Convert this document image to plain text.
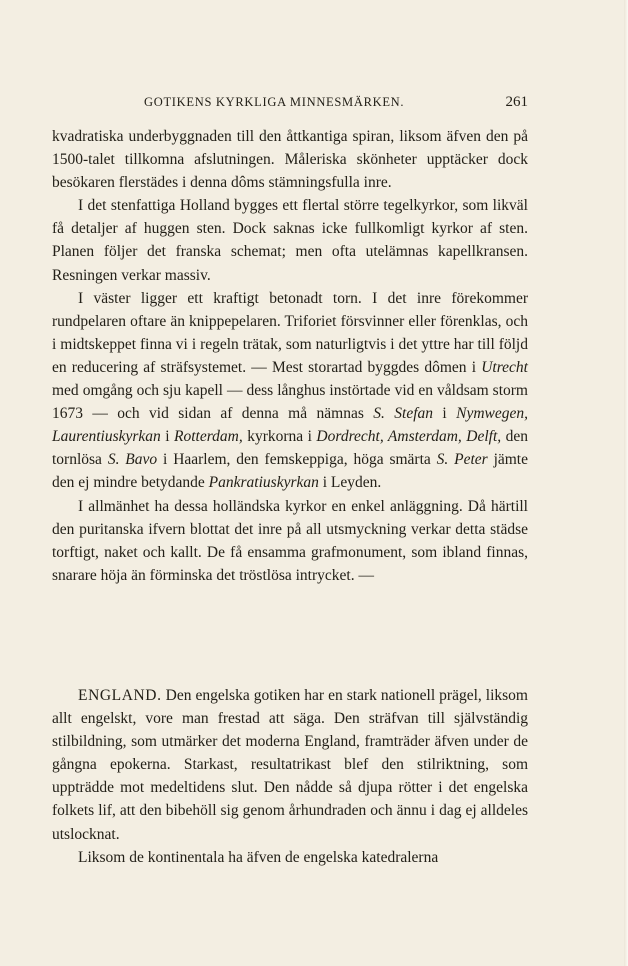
GOTIKENS KYRKLIGA MINNESMÄRKEN.	261

kvadratiska underbyggnaden till den åttkantiga spiran, liksom äfven den på 1500-talet tillkomna afslutningen. Måleriska skönheter upptäcker dock besökaren flerstädes i denna dôms stämningsfulla inre.

I det stenfattiga Holland bygges ett flertal större tegelkyrkor, som likväl få detaljer af huggen sten. Dock saknas icke fullkomligt kyrkor af sten. Planen följer det franska schemat; men ofta utelämnas kapellkransen. Resningen verkar massiv.

I väster ligger ett kraftigt betonadt torn. I det inre förekommer rundpelaren oftare än knippepelaren. Triforiet försvinner eller förenklas, och i midtskeppet finna vi i regeln trätak, som naturligtvis i det yttre har till följd en reducering af sträfsystemet. — Mest storartad byggdes dômen i Utrecht med omgång och sju kapell — dess långhus instörtade vid en våldsam storm 1673 — och vid sidan af denna må nämnas S. Stefan i Nymwegen, Laurentiuskyrkan i Rotterdam, kyrkorna i Dordrecht, Amsterdam, Delft, den tornlösa S. Bavo i Haarlem, den femskeppiga, höga smärta S. Peter jämte den ej mindre betydande Pankratiuskyrkan i Leyden.

I allmänhet ha dessa holländska kyrkor en enkel anläggning. Då härtill den puritanska ifvern blottat det inre på all utsmyckning verkar detta städse torftigt, naket och kallt. De få ensamma grafmonument, som ibland finnas, snarare höja än förminska det tröstlösa intrycket. —

ENGLAND. Den engelska gotiken har en stark nationell prägel, liksom allt engelskt, vore man frestad att säga. Den sträfvan till självständig stilbildning, som utmärker det moderna England, framträder äfven under de gångna epokerna. Starkast, resultatrikast blef den stilriktning, som uppträdde mot medeltidens slut. Den nådde så djupa rötter i det engelska folkets lif, att den bibehöll sig genom århundraden och ännu i dag ej alldeles utslocknat.

Liksom de kontinentala ha äfven de engelska katedralerna
